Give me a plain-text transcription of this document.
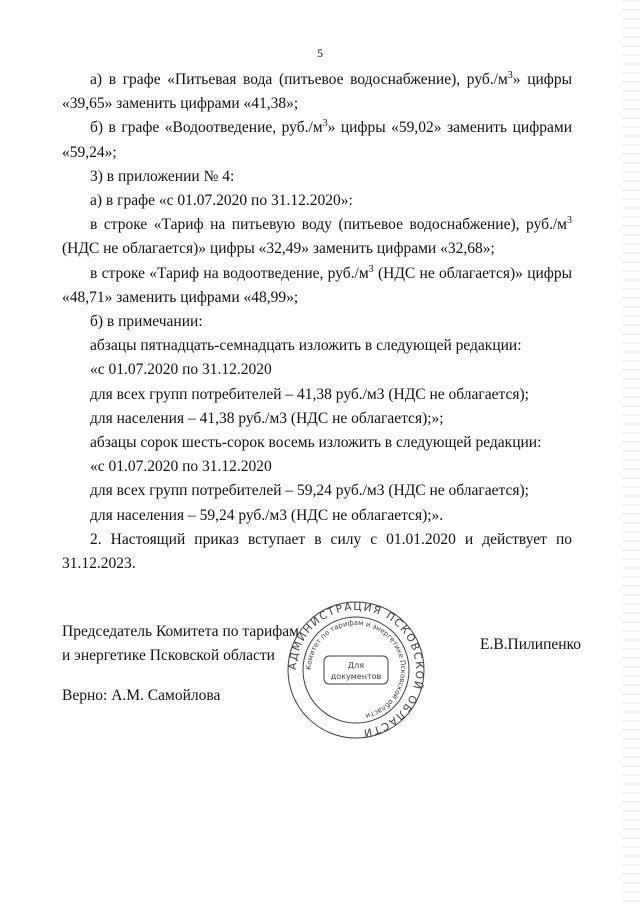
5

а) в графе «Питьевая вода (питьевое водоснабжение), $руб./м^3$» цифры «39,65» заменить цифрами «41,38»;

б) в графе «Водоотведение, $руб./м^3$» цифры «59,02» заменить цифрами «59,24»;

3) в приложении № 4:

а) в графе «с 01.07.2020 по 31.12.2020»:

в строке «Тариф на питьевую воду (питьевое водоснабжение), $руб./м^3$ (НДС не облагается)» цифры «32,49» заменить цифрами «32,68»;

в строке «Тариф на водоотведение, $руб./м^3$ (НДС не облагается)» цифры «48,71» заменить цифрами «48,99»;

б) в примечании:

абзацы пятнадцать-семнадцать изложить в следующей редакции:

«с 01.07.2020 по 31.12.2020

для всех групп потребителей – 41,38 руб./м3 (НДС не облагается);

для населения – 41,38 руб./м3 (НДС не облагается);»;

абзацы сорок шесть-сорок восемь изложить в следующей редакции:

«с 01.07.2020 по 31.12.2020

для всех групп потребителей – 59,24 руб./м3 (НДС не облагается);

для населения – 59,24 руб./м3 (НДС не облагается);».

2. Настоящий приказ вступает в силу с 01.01.2020 и действует по 31.12.2023.

Председатель Комитета по тарифам
и энергетике Псковской области
Е.В.Пилипенко
Верно: А.М. Самойлова
АДМИНИСТРАЦИЯ ПСКОВСКОЙ ОБЛАСТИ
Комитет по тарифам и энергетике Псковской области
Для
документов
